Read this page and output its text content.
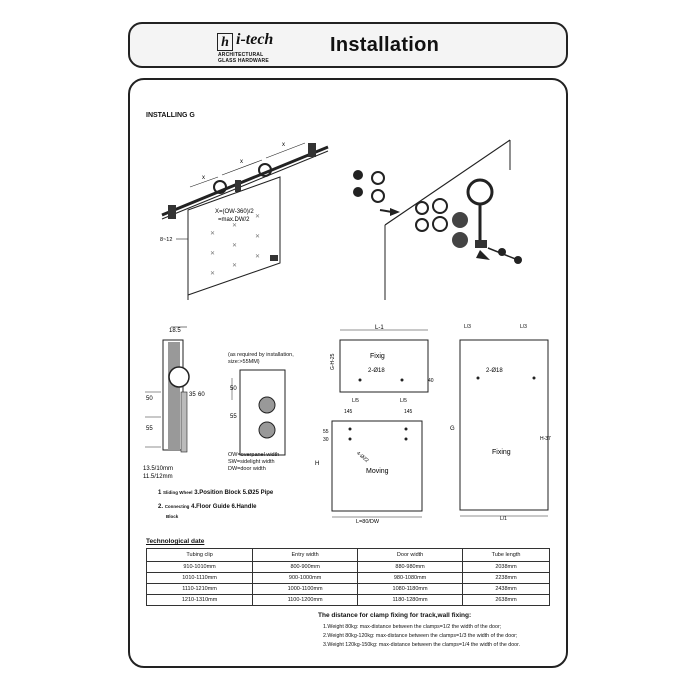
h i-tech
ARCHITECTURAL
GLASS HARDWARE
Installation
INSTALLING G
✕
✕
✕
✕
✕
✕
✕
✕
✕
x
x
x
X=(OW-360)/2
=max.DW/2
8~12
18.5
50
35 60
55
13.5/10mm
11.5/12mm
50
55
(as required by installation,
size:>55MM)
OW=overpanel width
SW=sidelight width
DW=door width
L-1
Fixig
2-Ø18
G-H-25
L/5	L/5
40
145	145
55
30
4-Ø22
Moving
H
L=80/DW
L/3	L/3
2-Ø18
Fixing
G
H-37
L/1
1 Sliding Wheel 3.Position Block 5.Ø25 Pipe
2. Connecting 4.Floor Guide 6.Handle
Block
Technological date
Tubing clip	Entry width	Door width	Tube length
910-1010mm	800-900mm	880-980mm	2038mm
1010-1110mm	900-1000mm	980-1080mm	2238mm
1110-1210mm	1000-1100mm	1080-1180mm	2438mm
1210-1310mm	1100-1200mm	1180-1280mm	2638mm
The distance for clamp fixing for track,wall fixing:
1.Weight 80kg: max-distance between the clamps=1/2 the width of the door;
2.Weight 80kg-120kg: max-distance between the clamps=1/3 the width of the door;
3.Weight 120kg-150kg: max-distance between the clamps=1/4 the width of the door.
